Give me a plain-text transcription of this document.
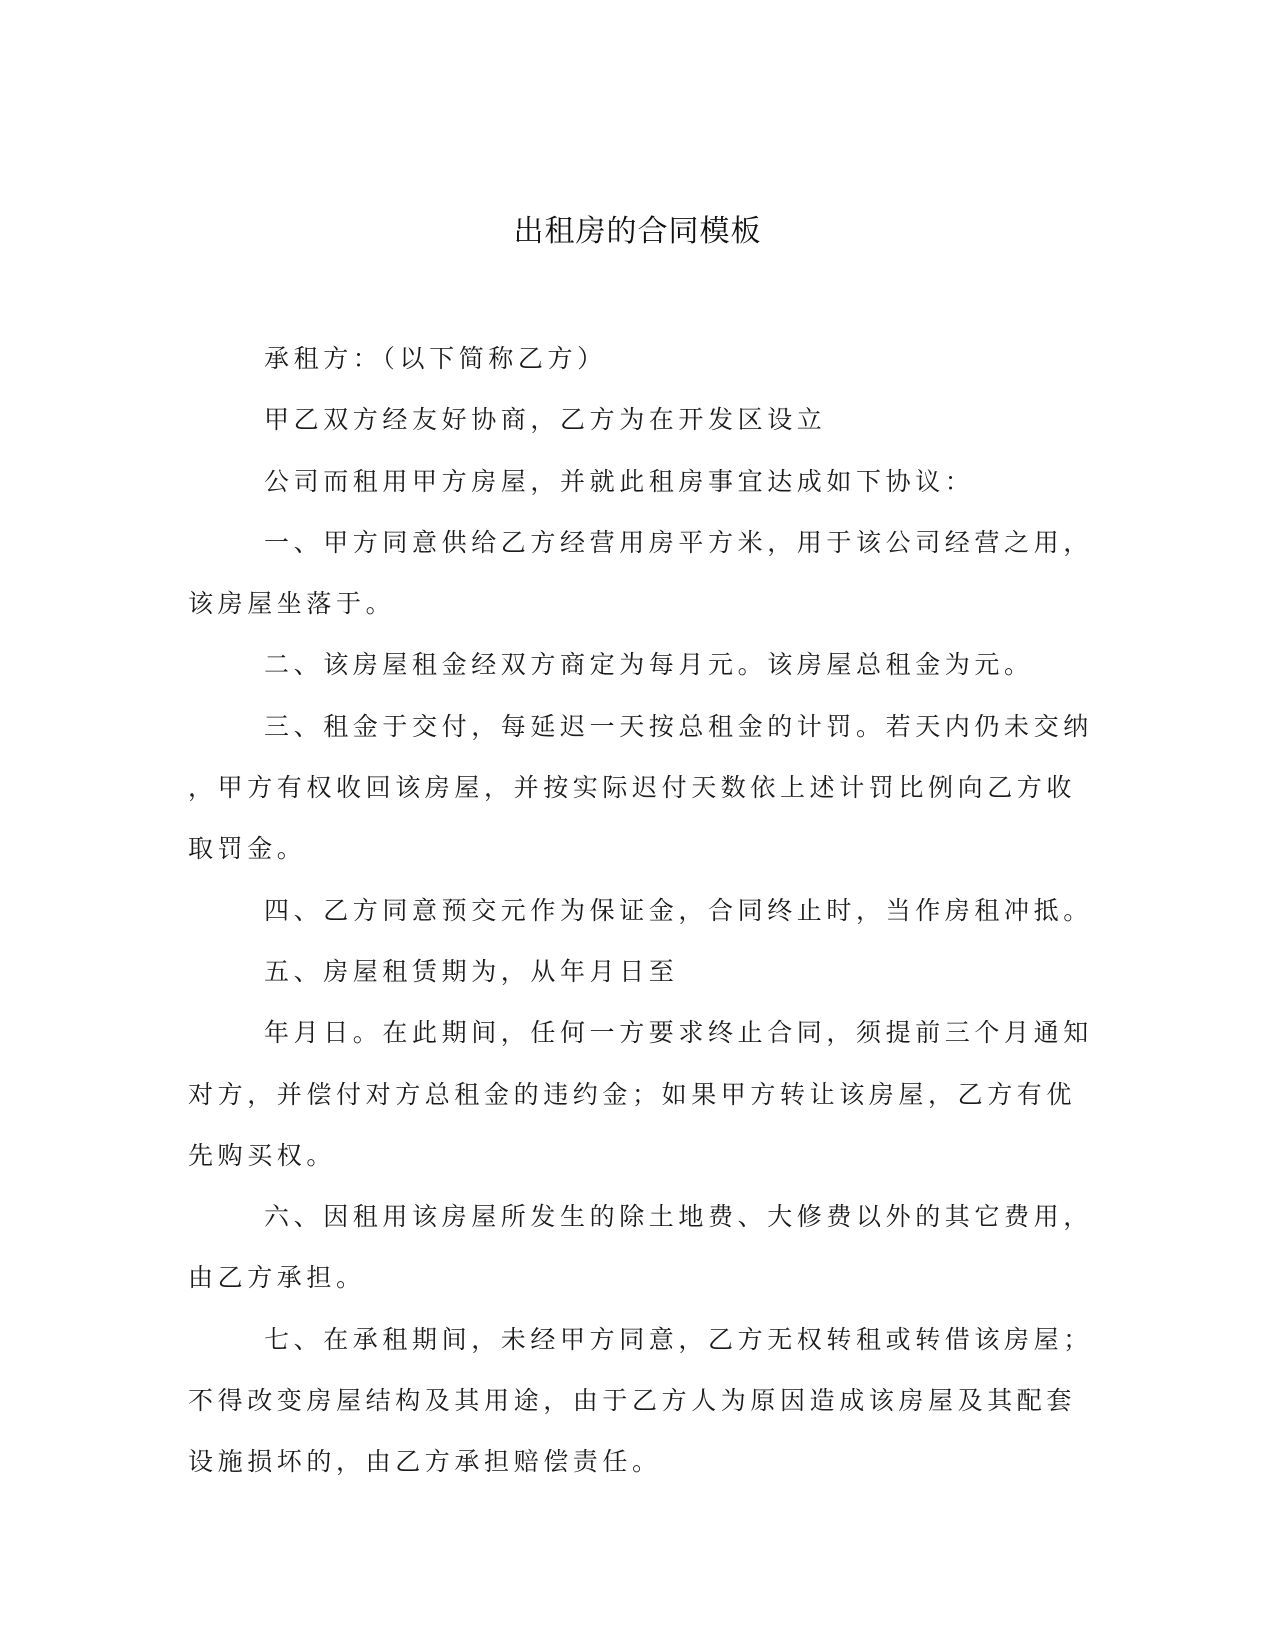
出租房的合同模板

承租方：（以下简称乙方）

甲乙双方经友好协商，乙方为在开发区设立

公司而租用甲方房屋，并就此租房事宜达成如下协议：

一、甲方同意供给乙方经营用房平方米，用于该公司经营之用，

该房屋坐落于。

二、该房屋租金经双方商定为每月元。该房屋总租金为元。

三、租金于交付，每延迟一天按总租金的计罚。若天内仍未交纳

，甲方有权收回该房屋，并按实际迟付天数依上述计罚比例向乙方收

取罚金。

四、乙方同意预交元作为保证金，合同终止时，当作房租冲抵。

五、房屋租赁期为，从年月日至

年月日。在此期间，任何一方要求终止合同，须提前三个月通知

对方，并偿付对方总租金的违约金；如果甲方转让该房屋，乙方有优

先购买权。

六、因租用该房屋所发生的除土地费、大修费以外的其它费用，

由乙方承担。

七、在承租期间，未经甲方同意，乙方无权转租或转借该房屋；

不得改变房屋结构及其用途，由于乙方人为原因造成该房屋及其配套

设施损坏的，由乙方承担赔偿责任。
